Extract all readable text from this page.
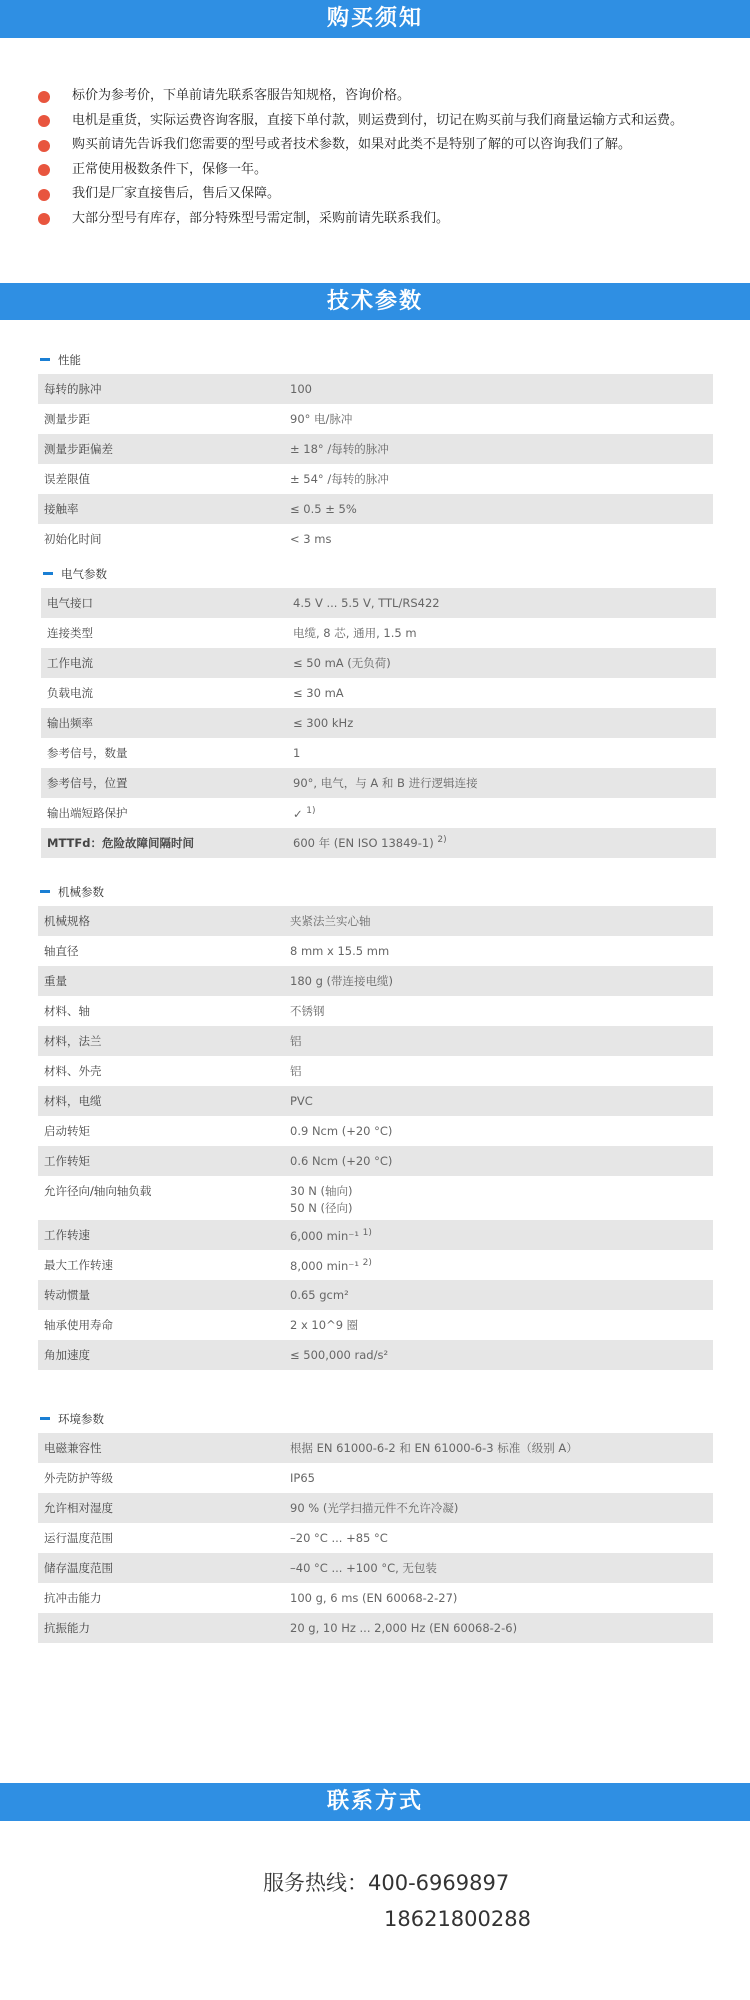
购买须知
标价为参考价，下单前请先联系客服告知规格，咨询价格。
电机是重货，实际运费咨询客服，直接下单付款，则运费到付，切记在购买前与我们商量运输方式和运费。
购买前请先告诉我们您需要的型号或者技术参数，如果对此类不是特别了解的可以咨询我们了解。
正常使用极数条件下，保修一年。
我们是厂家直接售后，售后又保障。
大部分型号有库存，部分特殊型号需定制，采购前请先联系我们。
技术参数
性能
每转的脉冲	100
测量步距	90° 电/脉冲
测量步距偏差	± 18° /每转的脉冲
误差限值	± 54° /每转的脉冲
接触率	≤ 0.5 ± 5%
初始化时间	< 3 ms
电气参数
电气接口	4.5 V ... 5.5 V, TTL/RS422
连接类型	电缆, 8 芯, 通用, 1.5 m
工作电流	≤ 50 mA (无负荷)
负载电流	≤ 30 mA
输出频率	≤ 300 kHz
参考信号，数量	1
参考信号，位置	90°, 电气，与 A 和 B 进行逻辑连接
输出端短路保护	✓ $^{1)}$
MTTFd：危险故障间隔时间	600 年 (EN ISO 13849-1) $^{2)}$
机械参数
机械规格	夹紧法兰实心轴
轴直径	8 mm x 15.5 mm
重量	180 g (带连接电缆)
材料、轴	不锈钢
材料，法兰	铝
材料、外壳	铝
材料，电缆	PVC
启动转矩	0.9 Ncm (+20 °C)
工作转矩	0.6 Ncm (+20 °C)
允许径向/轴向轴负载	30 N (轴向)
50 N (径向)
工作转速	6,000 min⁻¹ $^{1)}$
最大工作转速	8,000 min⁻¹ $^{2)}$
转动惯量	0.65 gcm²
轴承使用寿命	2 x 10^9 圈
角加速度	≤ 500,000 rad/s²
环境参数
电磁兼容性	根据 EN 61000-6-2 和 EN 61000-6-3 标准（级别 A）
外壳防护等级	IP65
允许相对湿度	90 % (光学扫描元件不允许冷凝)
运行温度范围	–20 °C ... +85 °C
储存温度范围	–40 °C ... +100 °C, 无包装
抗冲击能力	100 g, 6 ms (EN 60068-2-27)
抗振能力	20 g, 10 Hz ... 2,000 Hz (EN 60068-2-6)
联系方式
服务热线：400-6969897
18621800288
